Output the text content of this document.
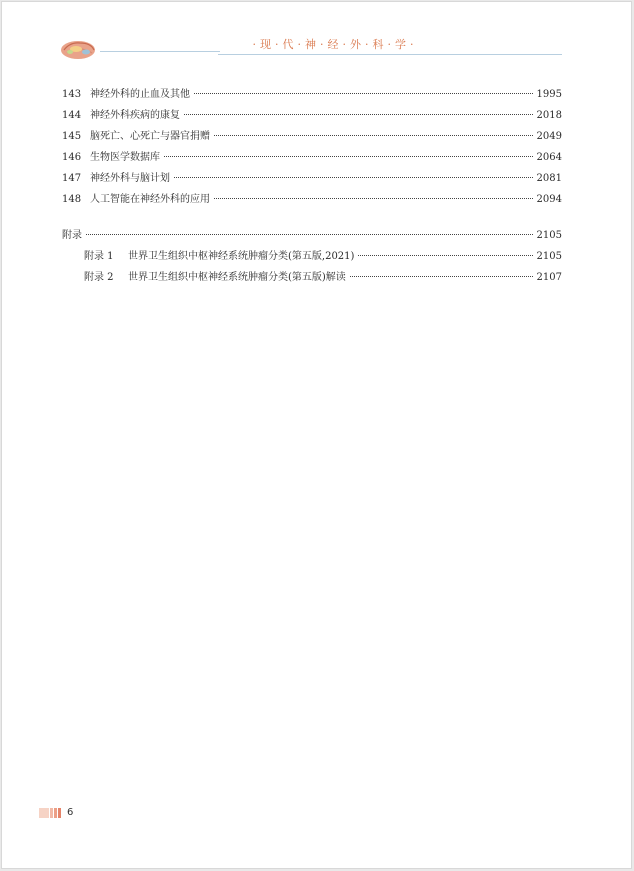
·现·代·神·经·外·科·学·
143 神经外科的止血及其他	1995
144 神经外科疾病的康复	2018
145 脑死亡、心死亡与器官捐赠	2049
146 生物医学数据库	2064
147 神经外科与脑计划	2081
148 人工智能在神经外科的应用	2094
附录	2105
附录 1	世界卫生组织中枢神经系统肿瘤分类(第五版,2021)	2105
附录 2	世界卫生组织中枢神经系统肿瘤分类(第五版)解读	2107
6
